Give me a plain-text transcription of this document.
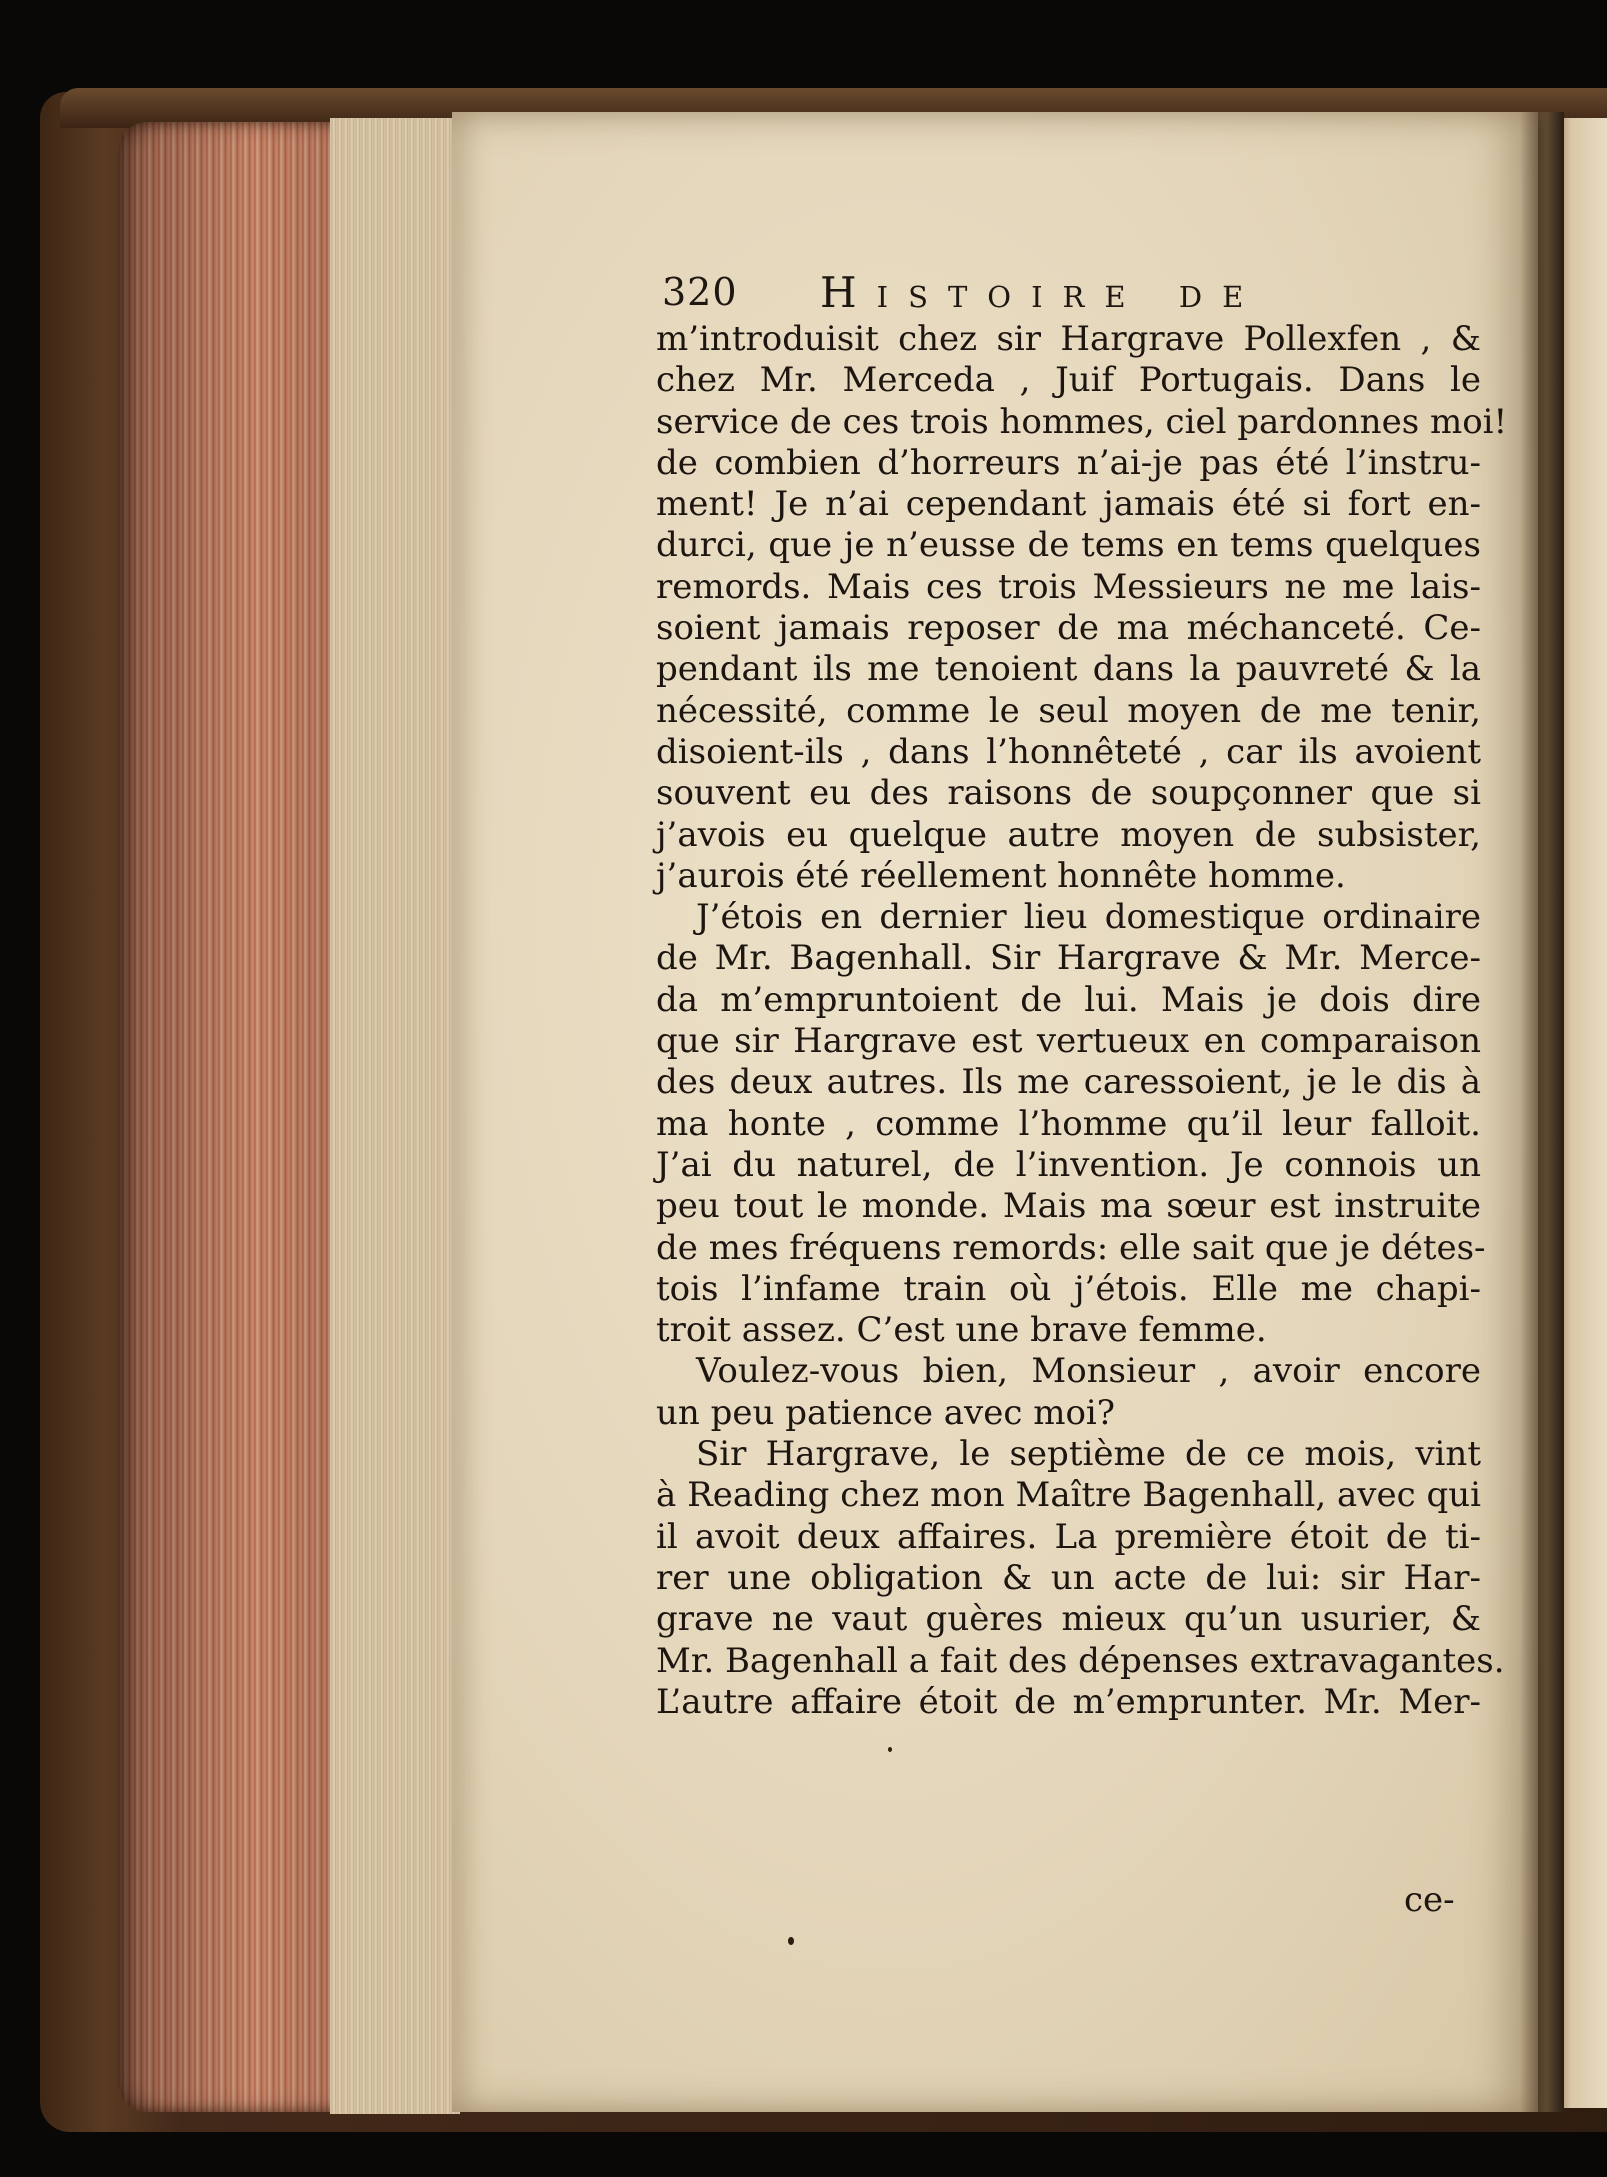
320 Histoire de
m’introduisit chez sir Hargrave Pollexfen , &
chez Mr. Merceda , Juif Portugais. Dans le
service de ces trois hommes, ciel pardonnes moi!
de combien d’horreurs n’ai-je pas été l’instru-
ment! Je n’ai cependant jamais été si fort en-
durci, que je n’eusse de tems en tems quelques
remords. Mais ces trois Messieurs ne me lais-
soient jamais reposer de ma méchanceté. Ce-
pendant ils me tenoient dans la pauvreté & la
nécessité, comme le seul moyen de me tenir,
disoient-ils , dans l’honnêteté , car ils avoient
souvent eu des raisons de soupçonner que si
j’avois eu quelque autre moyen de subsister,
j’aurois été réellement honnête homme.
J’étois en dernier lieu domestique ordinaire
de Mr. Bagenhall. Sir Hargrave & Mr. Merce-
da m’empruntoient de lui. Mais je dois dire
que sir Hargrave est vertueux en comparaison
des deux autres. Ils me caressoient, je le dis à
ma honte , comme l’homme qu’il leur falloit.
J’ai du naturel, de l’invention. Je connois un
peu tout le monde. Mais ma sœur est instruite
de mes fréquens remords: elle sait que je détes-
tois l’infame train où j’étois. Elle me chapi-
troit assez. C’est une brave femme.
Voulez-vous bien, Monsieur , avoir encore
un peu patience avec moi?
Sir Hargrave, le septième de ce mois, vint
à Reading chez mon Maître Bagenhall, avec qui
il avoit deux affaires. La première étoit de ti-
rer une obligation & un acte de lui: sir Har-
grave ne vaut guères mieux qu’un usurier, &
Mr. Bagenhall a fait des dépenses extravagantes.
L’autre affaire étoit de m’emprunter. Mr. Mer-
ce-
